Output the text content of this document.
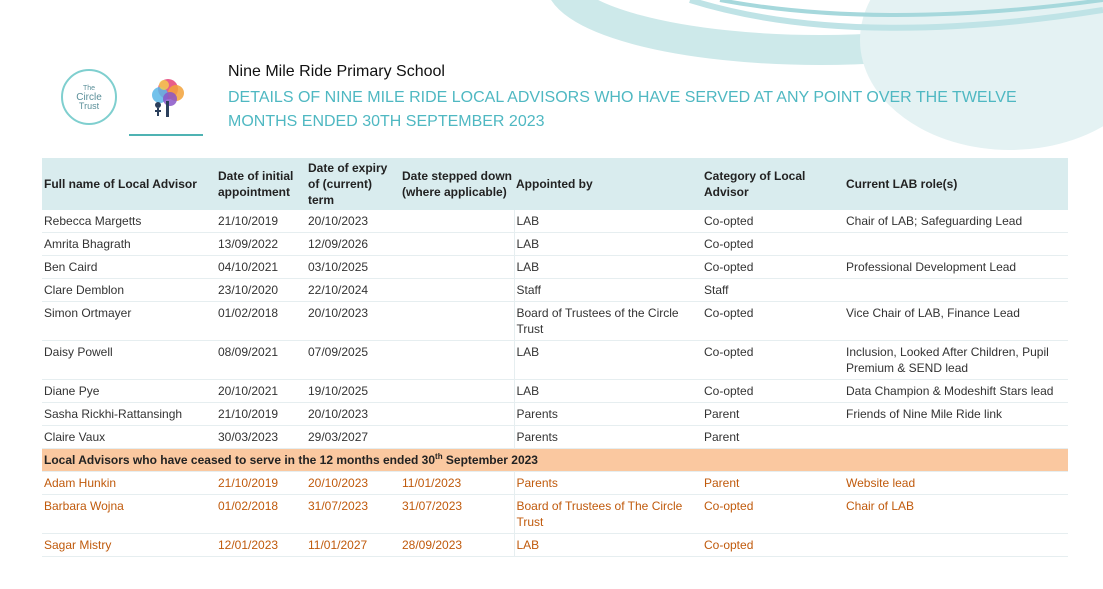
The
Circle
Trust
Nine Mile Ride Primary School
DETAILS OF NINE MILE RIDE LOCAL ADVISORS WHO HAVE SERVED AT ANY POINT OVER THE TWELVE
MONTHS ENDED 30TH SEPTEMBER 2023
Full name of Local Advisor	Date of initial appointment	Date of expiry of (current) term	Date stepped down (where applicable)	Appointed by	Category of Local Advisor	Current LAB role(s)
Rebecca Margetts	21/10/2019	20/10/2023		LAB	Co-opted	Chair of LAB; Safeguarding Lead
Amrita Bhagrath	13/09/2022	12/09/2026		LAB	Co-opted	
Ben Caird	04/10/2021	03/10/2025		LAB	Co-opted	Professional Development Lead
Clare Demblon	23/10/2020	22/10/2024		Staff	Staff	
Simon Ortmayer	01/02/2018	20/10/2023		Board of Trustees of the Circle Trust	Co-opted	Vice Chair of LAB, Finance Lead
Daisy Powell	08/09/2021	07/09/2025		LAB	Co-opted	Inclusion, Looked After Children, Pupil Premium & SEND lead
Diane Pye	20/10/2021	19/10/2025		LAB	Co-opted	Data Champion & Modeshift Stars lead
Sasha Rickhi-Rattansingh	21/10/2019	20/10/2023		Parents	Parent	Friends of Nine Mile Ride link
Claire Vaux	30/03/2023	29/03/2027		Parents	Parent	
Local Advisors who have ceased to serve in the 12 months ended 30th September 2023						
Adam Hunkin	21/10/2019	20/10/2023	11/01/2023	Parents	Parent	Website lead
Barbara Wojna	01/02/2018	31/07/2023	31/07/2023	Board of Trustees of The Circle Trust	Co-opted	Chair of LAB
Sagar Mistry	12/01/2023	11/01/2027	28/09/2023	LAB	Co-opted	
